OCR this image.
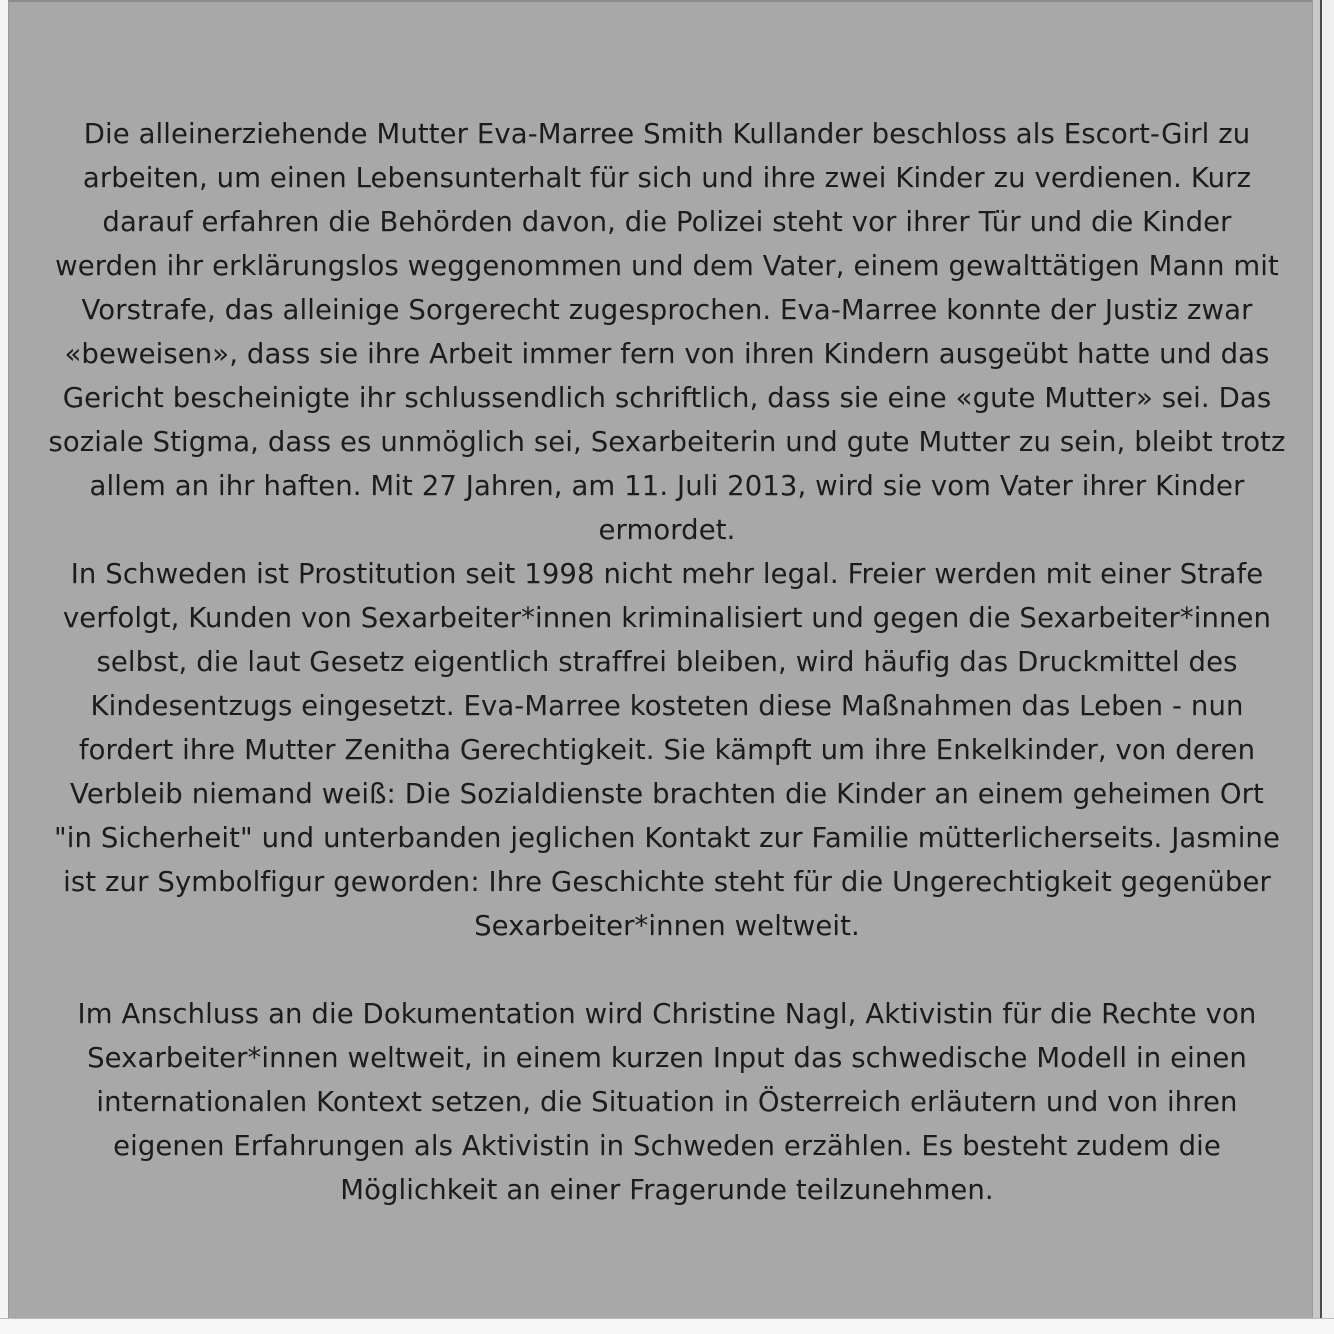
Die alleinerziehende Mutter Eva-Marree Smith Kullander beschloss als Escort-Girl zu
arbeiten, um einen Lebensunterhalt für sich und ihre zwei Kinder zu verdienen. Kurz
darauf erfahren die Behörden davon, die Polizei steht vor ihrer Tür und die Kinder
werden ihr erklärungslos weggenommen und dem Vater, einem gewalttätigen Mann mit
Vorstrafe, das alleinige Sorgerecht zugesprochen. Eva-Marree konnte der Justiz zwar
«beweisen», dass sie ihre Arbeit immer fern von ihren Kindern ausgeübt hatte und das
Gericht bescheinigte ihr schlussendlich schriftlich, dass sie eine «gute Mutter» sei. Das
soziale Stigma, dass es unmöglich sei, Sexarbeiterin und gute Mutter zu sein, bleibt trotz
allem an ihr haften. Mit 27 Jahren, am 11. Juli 2013, wird sie vom Vater ihrer Kinder
ermordet.

In Schweden ist Prostitution seit 1998 nicht mehr legal. Freier werden mit einer Strafe
verfolgt, Kunden von Sexarbeiter*innen kriminalisiert und gegen die Sexarbeiter*innen
selbst, die laut Gesetz eigentlich straffrei bleiben, wird häufig das Druckmittel des
Kindesentzugs eingesetzt. Eva-Marree kosteten diese Maßnahmen das Leben - nun
fordert ihre Mutter Zenitha Gerechtigkeit. Sie kämpft um ihre Enkelkinder, von deren
Verbleib niemand weiß: Die Sozialdienste brachten die Kinder an einem geheimen Ort
"in Sicherheit" und unterbanden jeglichen Kontakt zur Familie mütterlicherseits. Jasmine
ist zur Symbolfigur geworden: Ihre Geschichte steht für die Ungerechtigkeit gegenüber
Sexarbeiter*innen weltweit.

Im Anschluss an die Dokumentation wird Christine Nagl, Aktivistin für die Rechte von
Sexarbeiter*innen weltweit, in einem kurzen Input das schwedische Modell in einen
internationalen Kontext setzen, die Situation in Österreich erläutern und von ihren
eigenen Erfahrungen als Aktivistin in Schweden erzählen. Es besteht zudem die
Möglichkeit an einer Fragerunde teilzunehmen.
